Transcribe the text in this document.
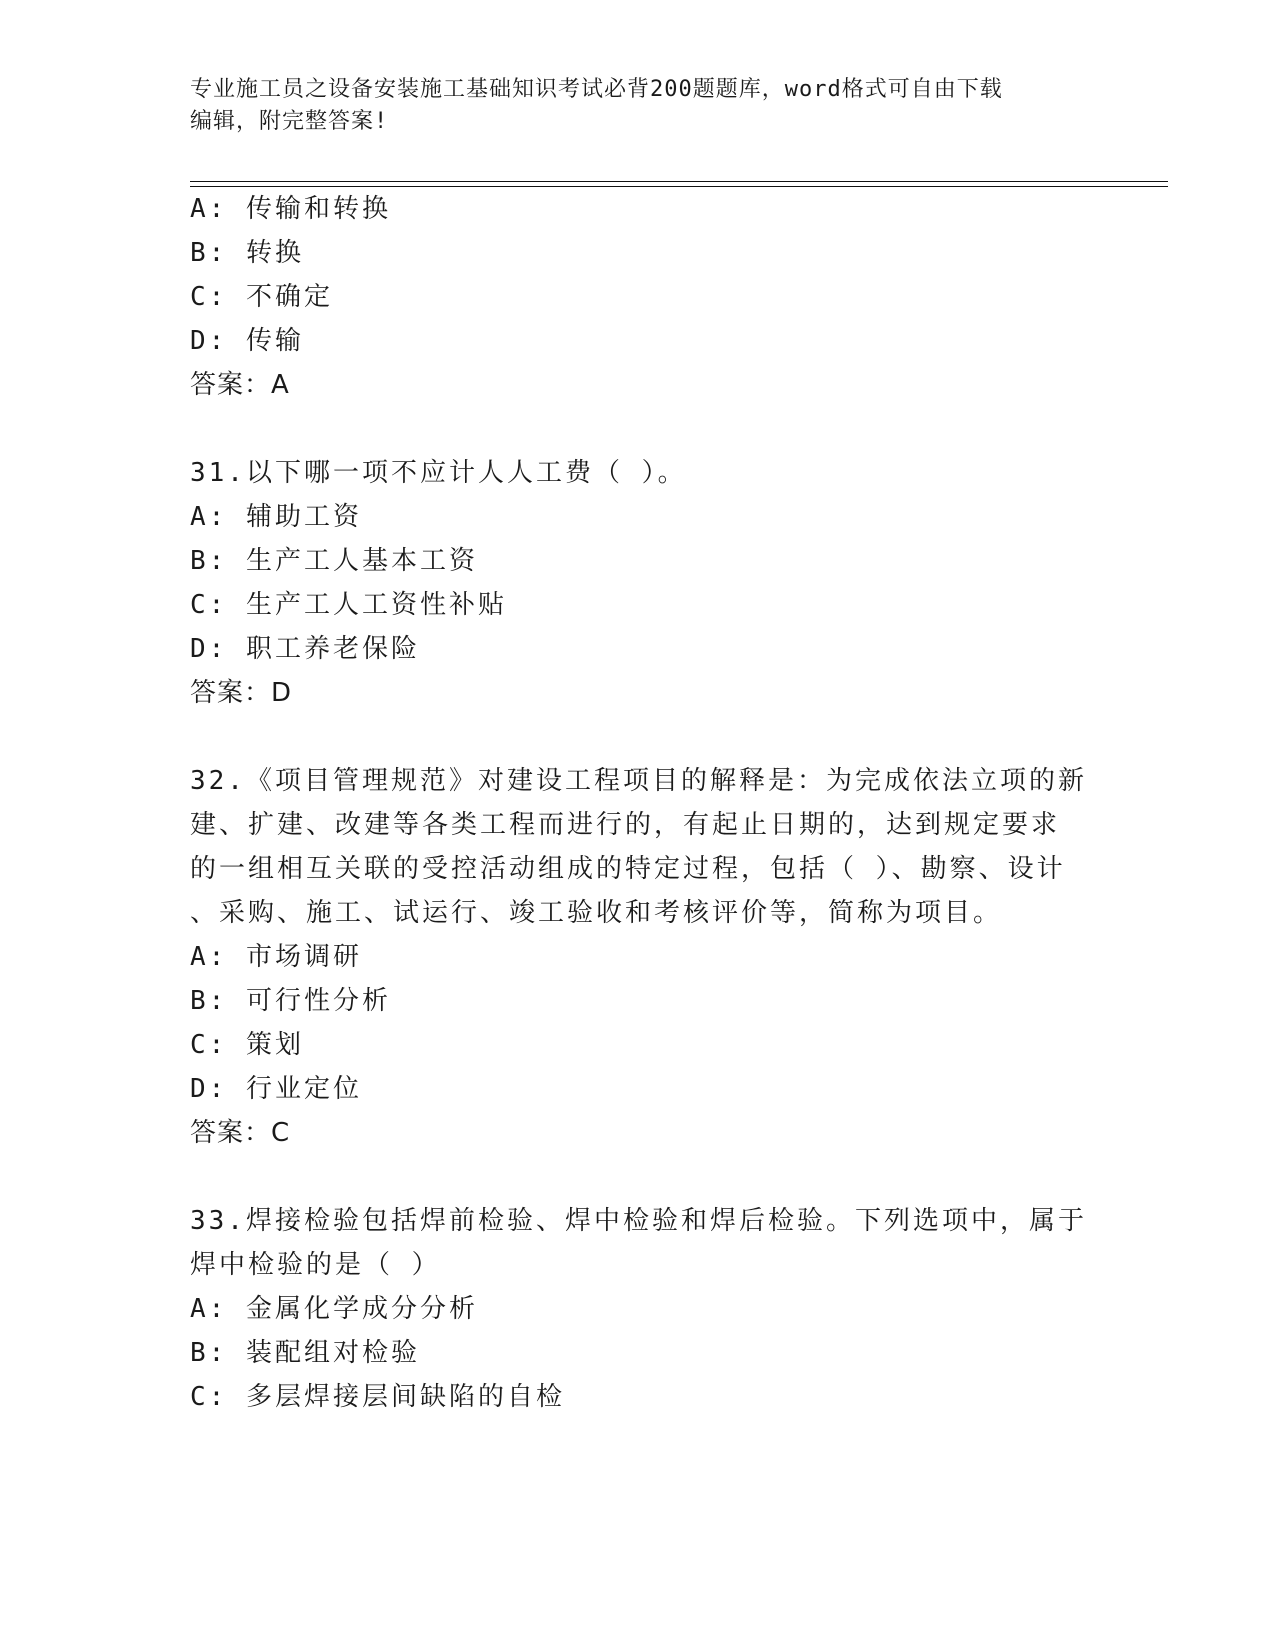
专业施工员之设备安装施工基础知识考试必背200题题库，word格式可自由下载
编辑，附完整答案!
A: 传输和转换
B: 转换
C: 不确定
D: 传输
答案：A
31.以下哪一项不应计人人工费（ ）。
A: 辅助工资
B: 生产工人基本工资
C: 生产工人工资性补贴
D: 职工养老保险
答案：D
32.《项目管理规范》对建设工程项目的解释是：为完成依法立项的新
建、扩建、改建等各类工程而进行的，有起止日期的，达到规定要求
的一组相互关联的受控活动组成的特定过程，包括（ ）、勘察、设计
、采购、施工、试运行、竣工验收和考核评价等，简称为项目。
A: 市场调研
B: 可行性分析
C: 策划
D: 行业定位
答案：C
33.焊接检验包括焊前检验、焊中检验和焊后检验。下列选项中，属于
焊中检验的是（ ）
A: 金属化学成分分析
B: 装配组对检验
C: 多层焊接层间缺陷的自检
